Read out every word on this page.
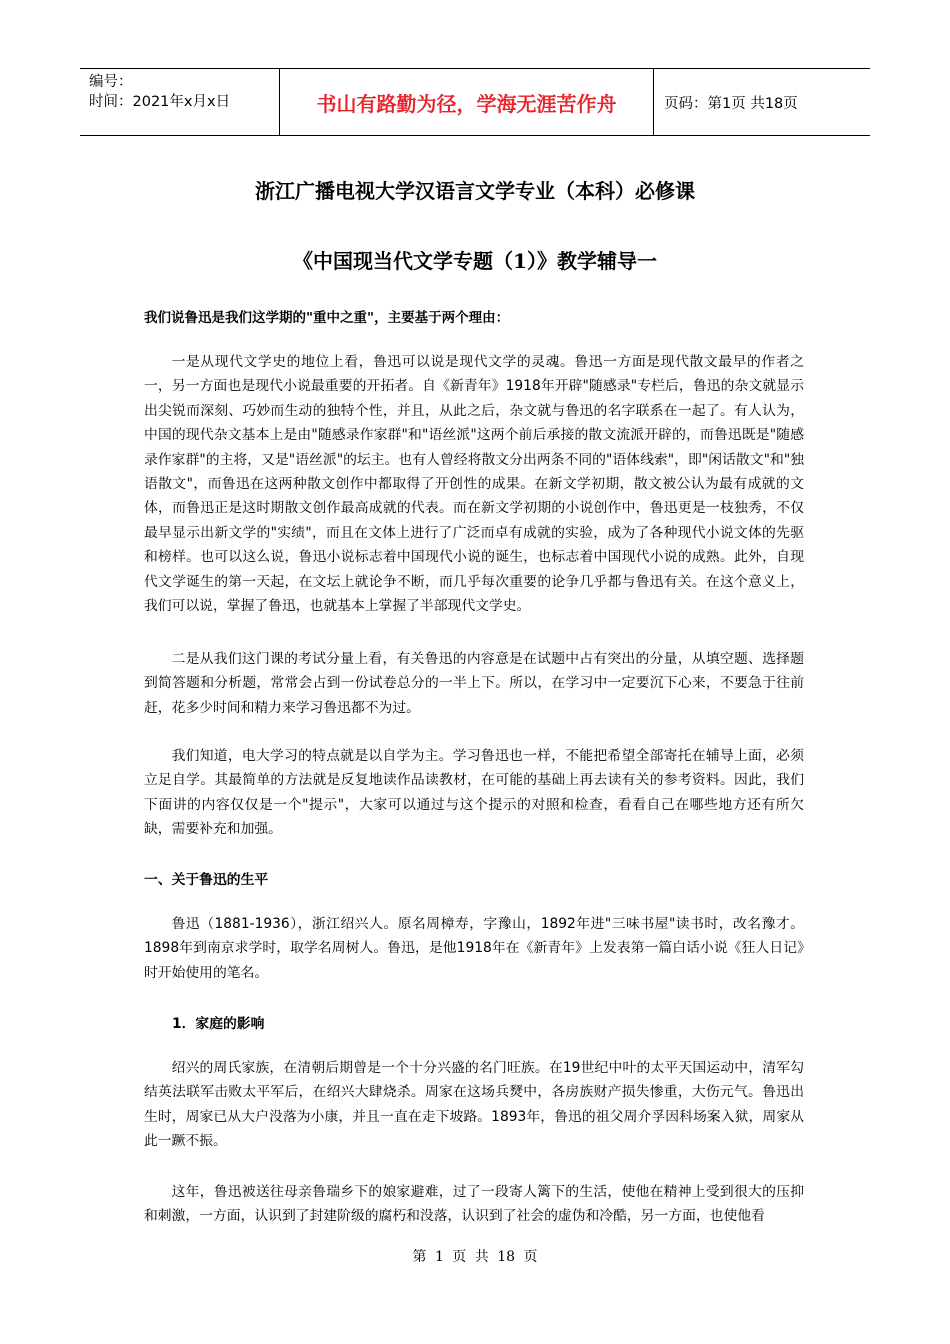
编号：
时间：2021年x月x日	书山有路勤为径，学海无涯苦作舟	页码：第1页 共18页
浙江广播电视大学汉语言文学专业（本科）必修课
《中国现当代文学专题（1）》教学辅导一
我们说鲁迅是我们这学期的"重中之重"，主要基于两个理由：

一是从现代文学史的地位上看，鲁迅可以说是现代文学的灵魂。鲁迅一方面是现代散文最早的作者之一，另一方面也是现代小说最重要的开拓者。自《新青年》1918年开辟"随感录"专栏后，鲁迅的杂文就显示出尖锐而深刻、巧妙而生动的独特个性，并且，从此之后，杂文就与鲁迅的名字联系在一起了。有人认为，中国的现代杂文基本上是由"随感录作家群"和"语丝派"这两个前后承接的散文流派开辟的，而鲁迅既是"随感录作家群"的主将，又是"语丝派"的坛主。也有人曾经将散文分出两条不同的"语体线索"，即"闲话散文"和"独语散文"，而鲁迅在这两种散文创作中都取得了开创性的成果。在新文学初期，散文被公认为最有成就的文体，而鲁迅正是这时期散文创作最高成就的代表。而在新文学初期的小说创作中，鲁迅更是一枝独秀，不仅最早显示出新文学的"实绩"，而且在文体上进行了广泛而卓有成就的实验，成为了各种现代小说文体的先驱和榜样。也可以这么说，鲁迅小说标志着中国现代小说的诞生，也标志着中国现代小说的成熟。此外，自现代文学诞生的第一天起，在文坛上就论争不断，而几乎每次重要的论争几乎都与鲁迅有关。在这个意义上，我们可以说，掌握了鲁迅，也就基本上掌握了半部现代文学史。

二是从我们这门课的考试分量上看，有关鲁迅的内容意是在试题中占有突出的分量，从填空题、选择题到简答题和分析题，常常会占到一份试卷总分的一半上下。所以，在学习中一定要沉下心来，不要急于往前赶，花多少时间和精力来学习鲁迅都不为过。

我们知道，电大学习的特点就是以自学为主。学习鲁迅也一样，不能把希望全部寄托在辅导上面，必须立足自学。其最简单的方法就是反复地读作品读教材，在可能的基础上再去读有关的参考资料。因此，我们下面讲的内容仅仅是一个"提示"，大家可以通过与这个提示的对照和检查，看看自己在哪些地方还有所欠缺，需要补充和加强。

一、关于鲁迅的生平

鲁迅（1881-1936），浙江绍兴人。原名周樟寿，字豫山，1892年进"三味书屋"读书时，改名豫才。1898年到南京求学时，取学名周树人。鲁迅，是他1918年在《新青年》上发表第一篇白话小说《狂人日记》时开始使用的笔名。

1．家庭的影响

绍兴的周氏家族，在清朝后期曾是一个十分兴盛的名门旺族。在19世纪中叶的太平天国运动中，清军勾结英法联军击败太平军后，在绍兴大肆烧杀。周家在这场兵燹中，各房族财产损失惨重，大伤元气。鲁迅出生时，周家已从大户没落为小康，并且一直在走下坡路。1893年，鲁迅的祖父周介孚因科场案入狱，周家从此一蹶不振。

这年，鲁迅被送往母亲鲁瑞乡下的娘家避难，过了一段寄人篱下的生活，使他在精神上受到很大的压抑和刺激，一方面，认识到了封建阶级的腐朽和没落，认识到了社会的虚伪和冷酷，另一方面，也使他看

第 1 页 共 18 页
